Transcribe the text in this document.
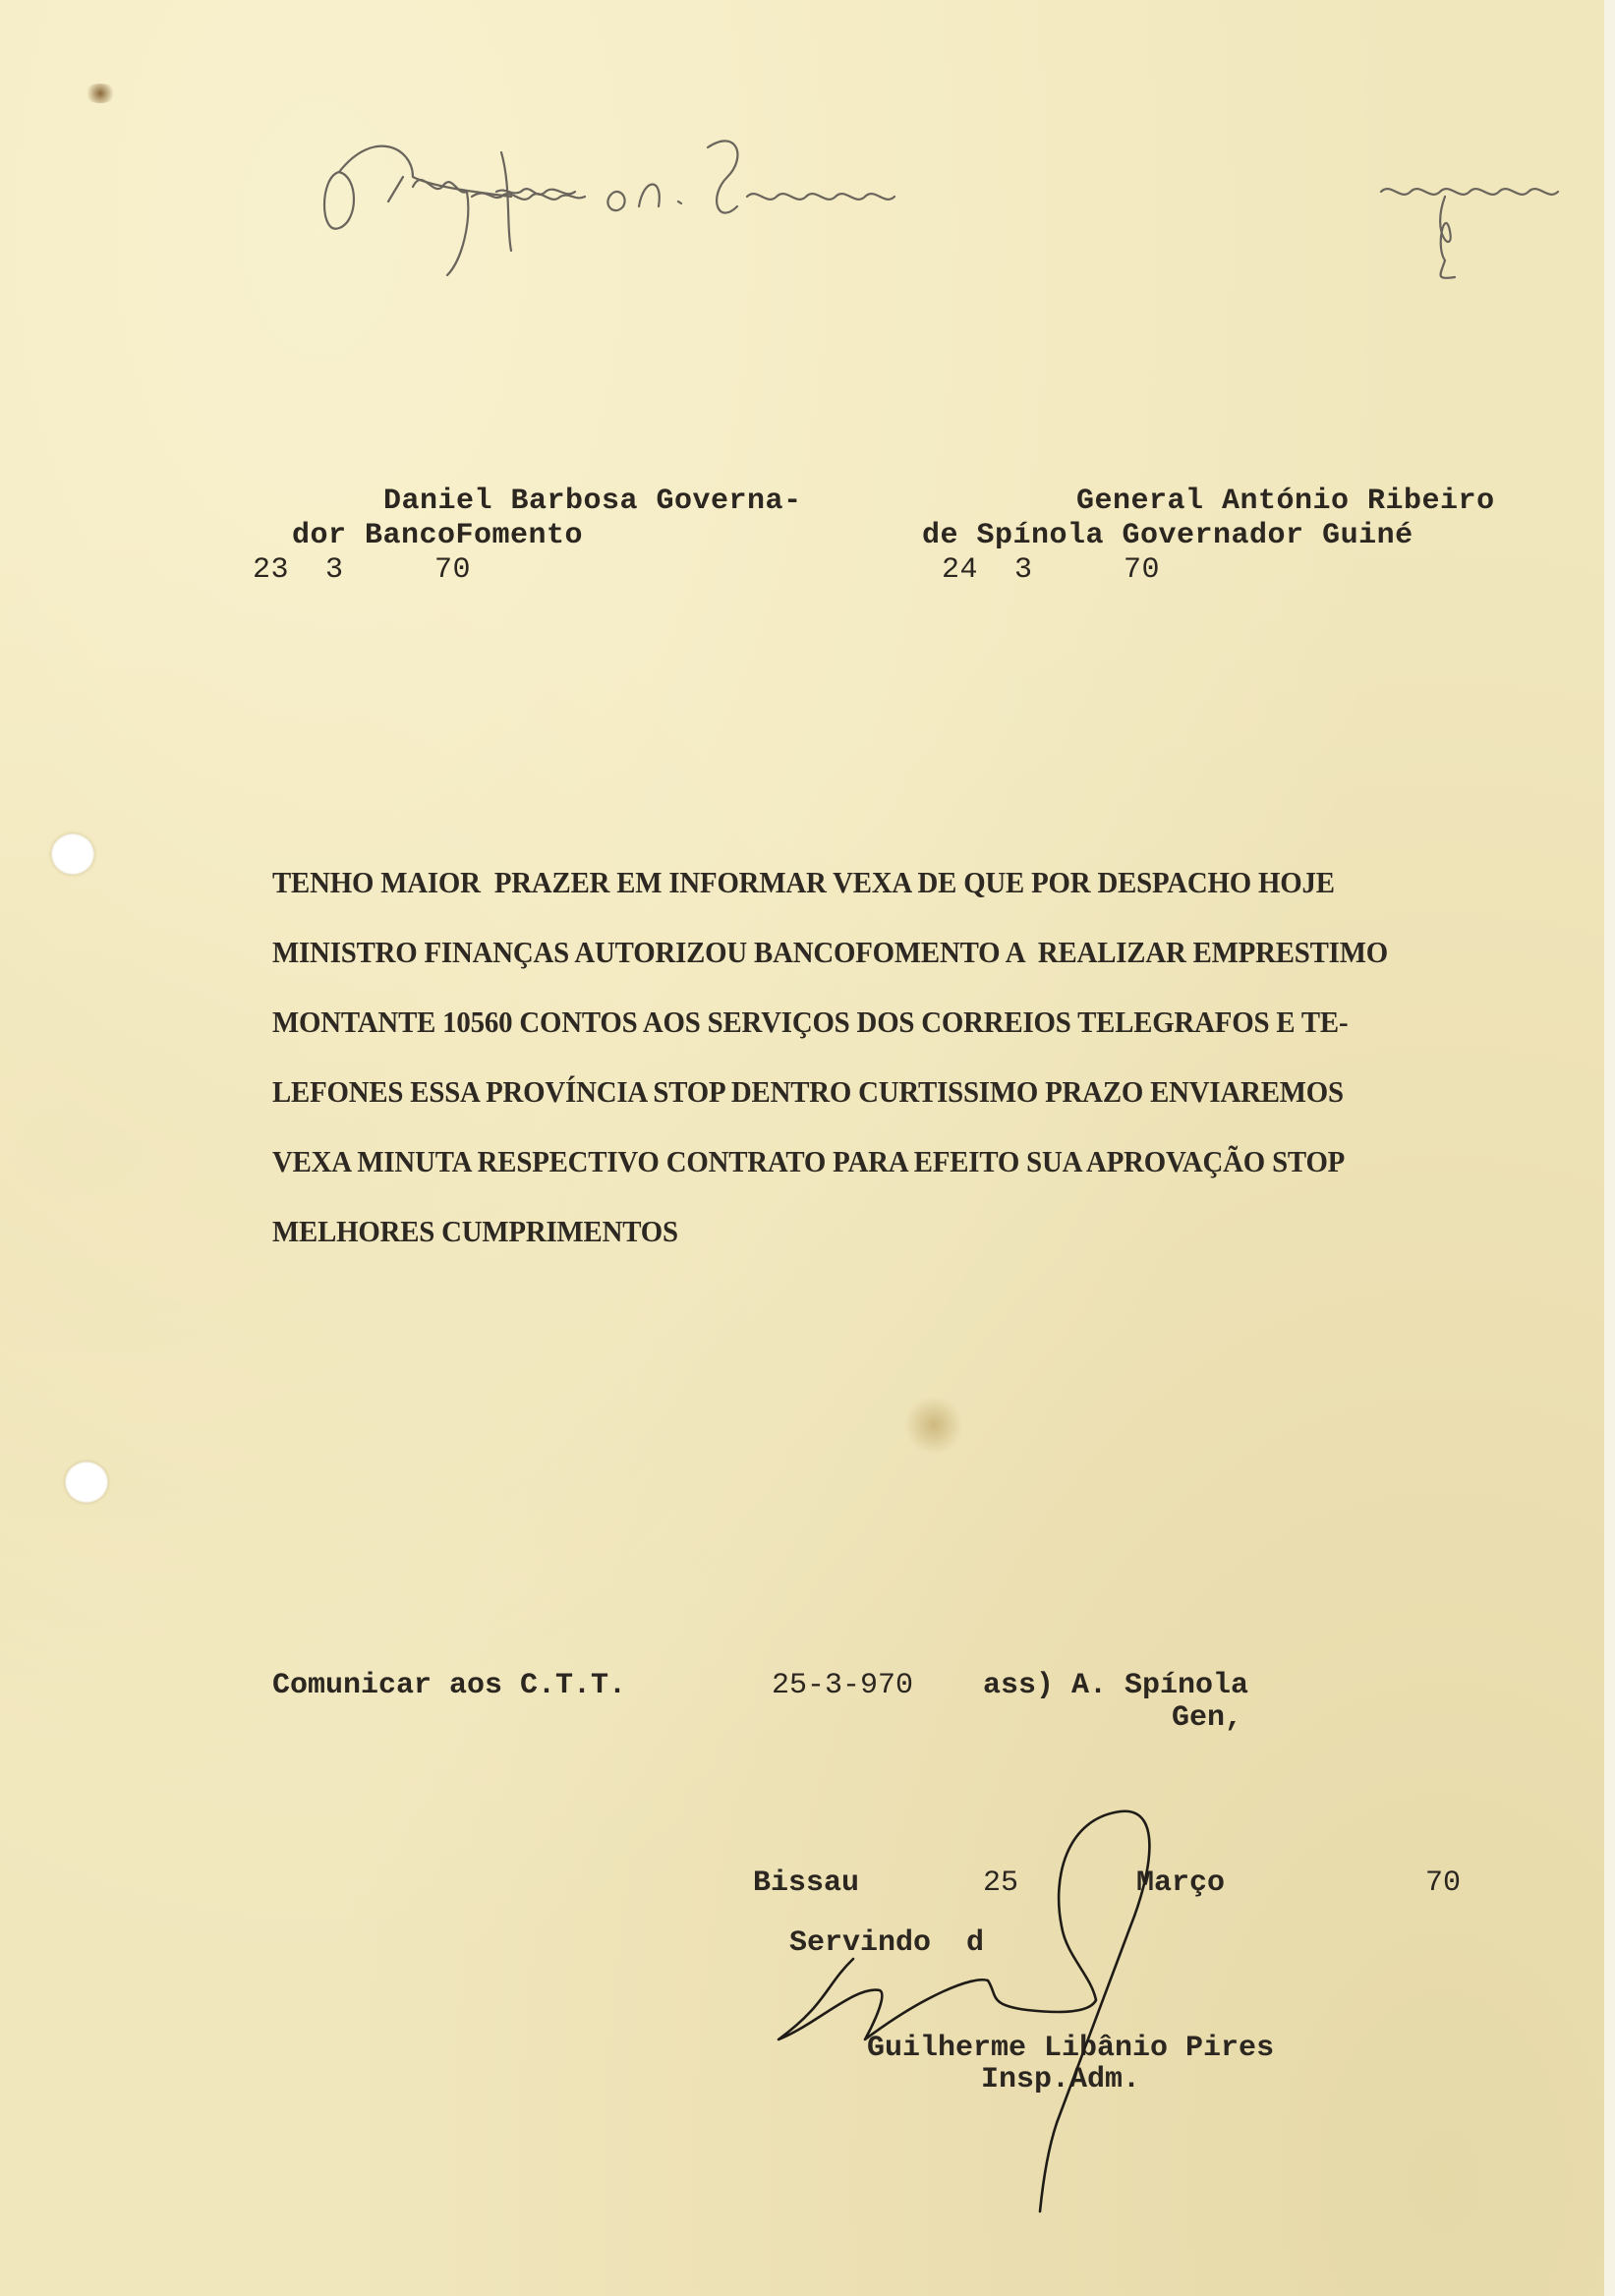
Daniel Barbosa Governa-

dor BancoFomento

23  3     70

General António Ribeiro

de Spínola Governador Guiné

24  3     70

TENHO MAIOR  PRAZER EM INFORMAR VEXA DE QUE POR DESPACHO HOJE
MINISTRO FINANÇAS AUTORIZOU BANCOFOMENTO A  REALIZAR EMPRESTIMO
MONTANTE 10560 CONTOS AOS SERVIÇOS DOS CORREIOS TELEGRAFOS E TE-
LEFONES ESSA PROVÍNCIA STOP DENTRO CURTISSIMO PRAZO ENVIAREMOS
VEXA MINUTA RESPECTIVO CONTRATO PARA EFEITO SUA APROVAÇÃO STOP
MELHORES CUMPRIMENTOS
Comunicar aos C.T.T.	25-3-970 ass) A. Spínola
Gen,
Bissau	25	Março	70
Servindo  d
Guilherme Libânio Pires
Insp.Adm.
